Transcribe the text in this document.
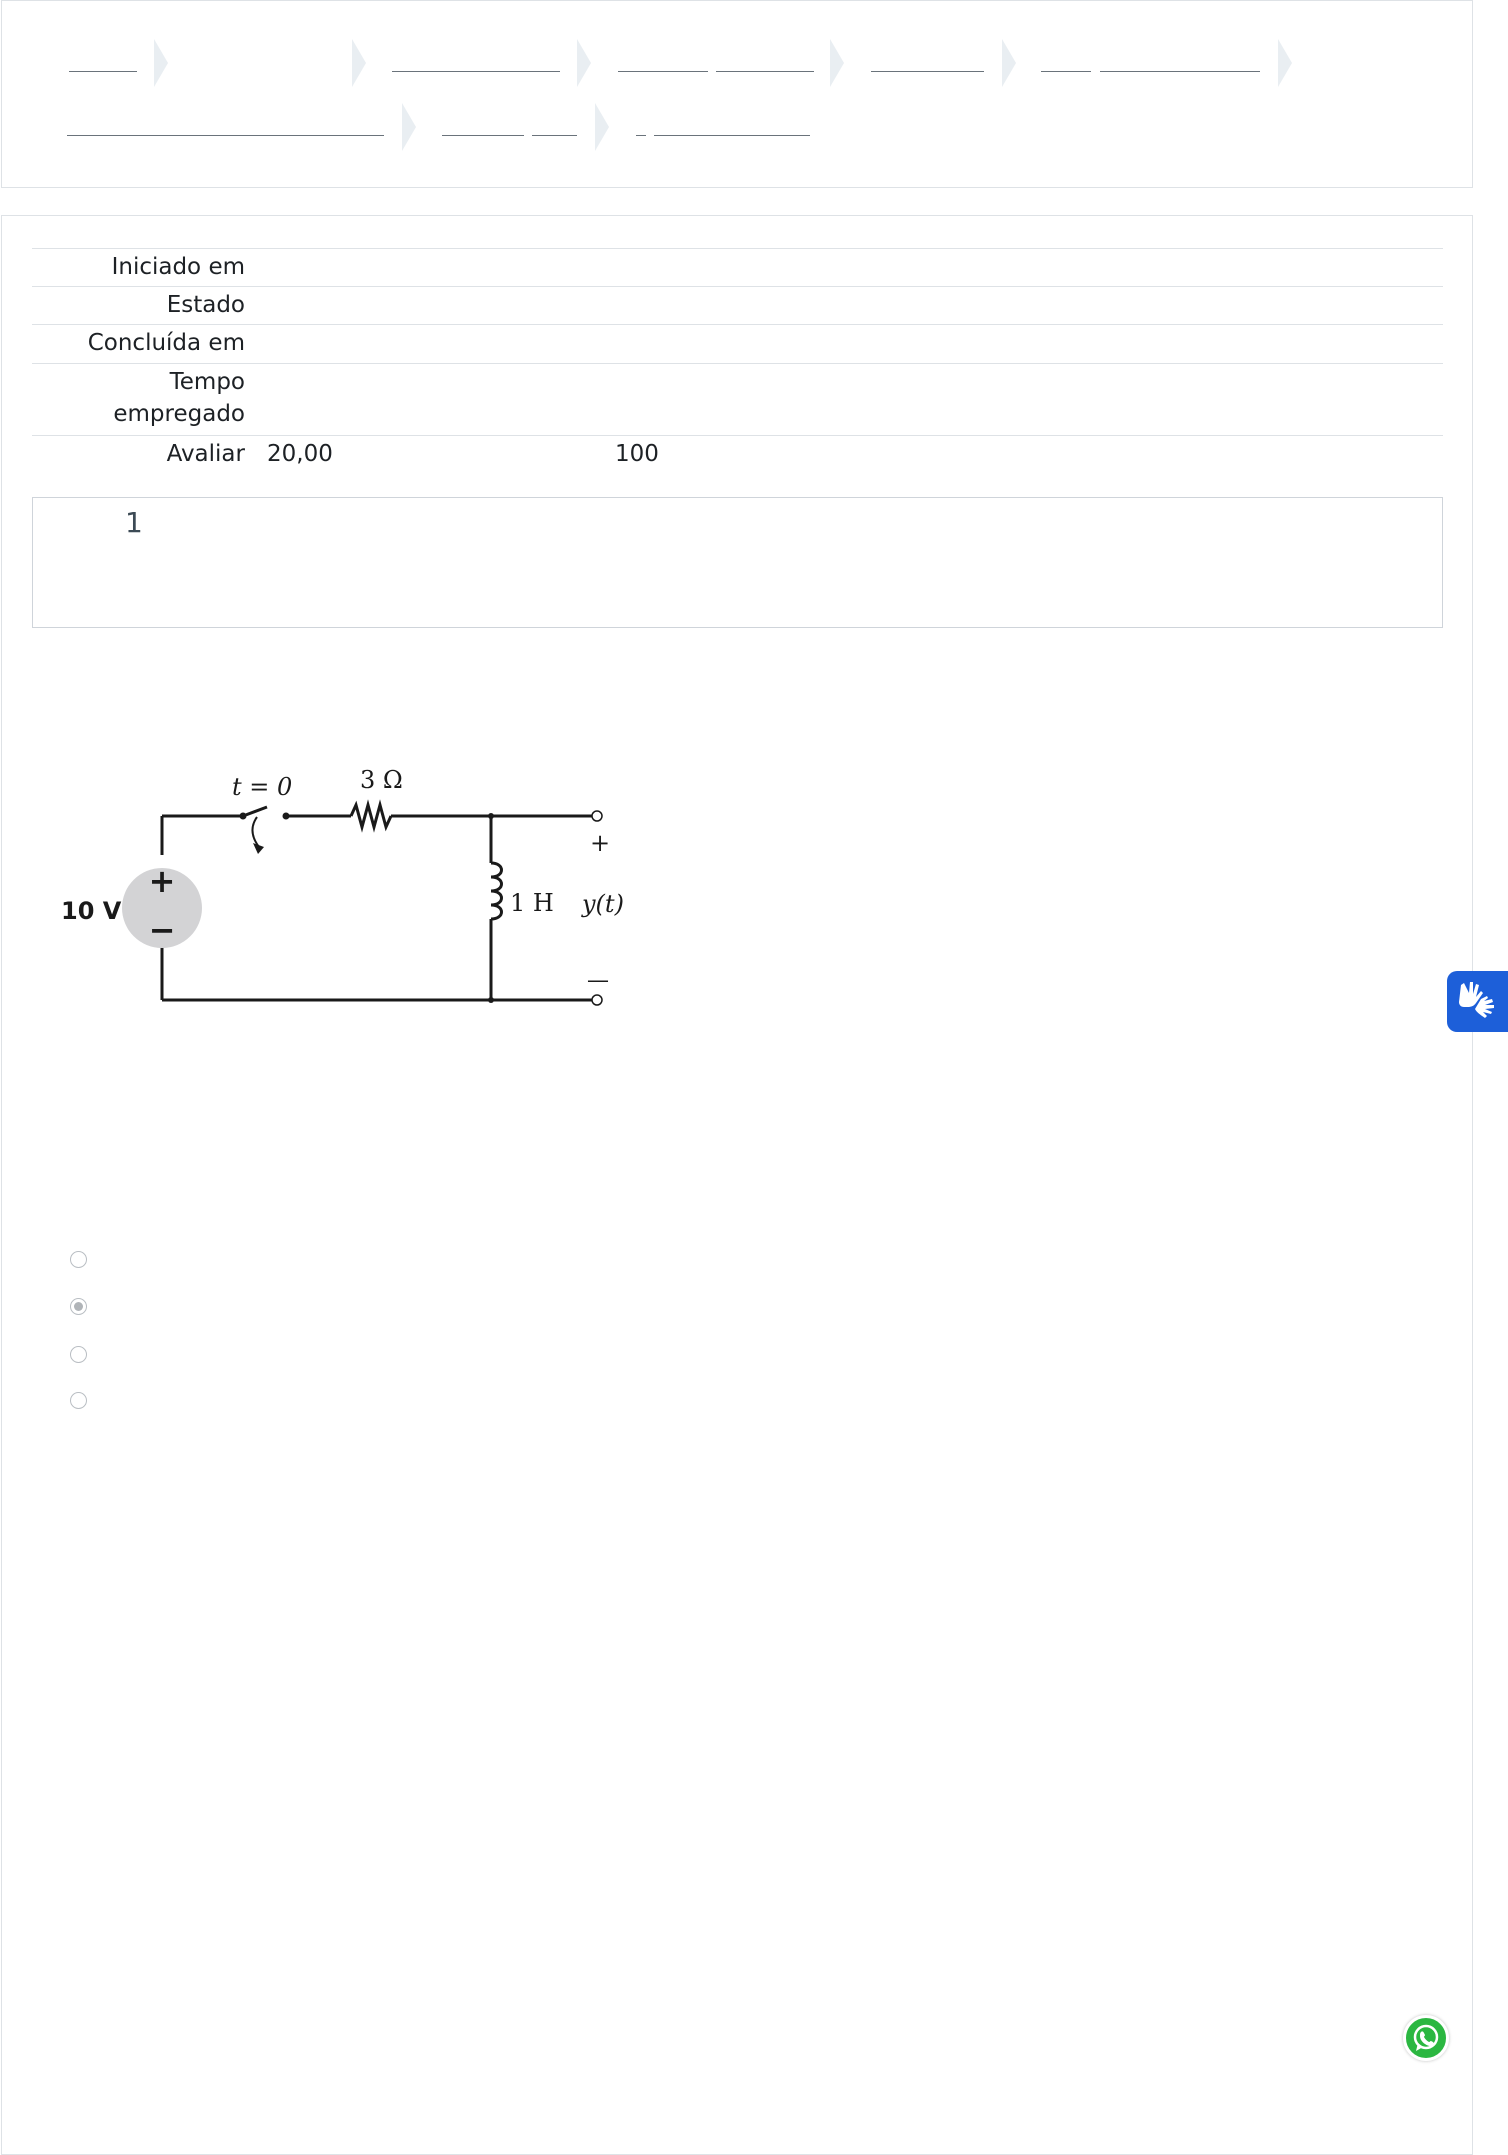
Iniciado em
Estado
Concluída em
Tempo
empregado
Avaliar 20,00	100
1
+
−
10 V
t = 0	3 Ω
1 H y(t)
+
—
